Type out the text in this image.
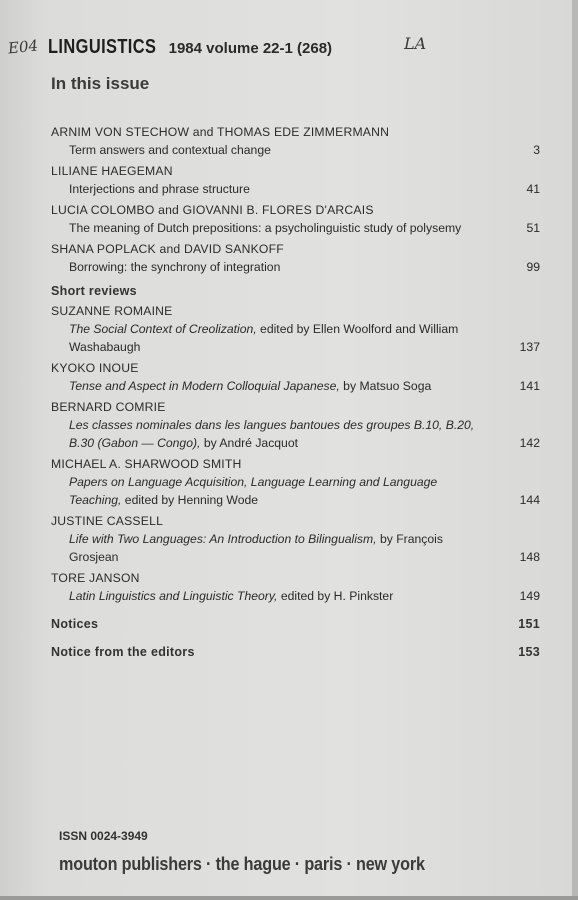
E04	LA
LINGUISTICS 1984 volume 22-1 (268)
In this issue
ARNIM VON STECHOW and THOMAS EDE ZIMMERMANN
Term answers and contextual change	3
LILIANE HAEGEMAN
Interjections and phrase structure	41
LUCIA COLOMBO and GIOVANNI B. FLORES D'ARCAIS
The meaning of Dutch prepositions: a psycholinguistic study of polysemy	51
SHANA POPLACK and DAVID SANKOFF
Borrowing: the synchrony of integration	99
Short reviews
SUZANNE ROMAINE
The Social Context of Creolization, edited by Ellen Woolford and William Washabaugh	137
KYOKO INOUE
Tense and Aspect in Modern Colloquial Japanese, by Matsuo Soga	141
BERNARD COMRIE
Les classes nominales dans les langues bantoues des groupes B.10, B.20, B.30 (Gabon — Congo), by André Jacquot	142
MICHAEL A. SHARWOOD SMITH
Papers on Language Acquisition, Language Learning and Language Teaching, edited by Henning Wode	144
JUSTINE CASSELL
Life with Two Languages: An Introduction to Bilingualism, by François Grosjean	148
TORE JANSON
Latin Linguistics and Linguistic Theory, edited by H. Pinkster	149
Notices	151
Notice from the editors	153
ISSN 0024-3949
mouton publishers · the hague · paris · new york
